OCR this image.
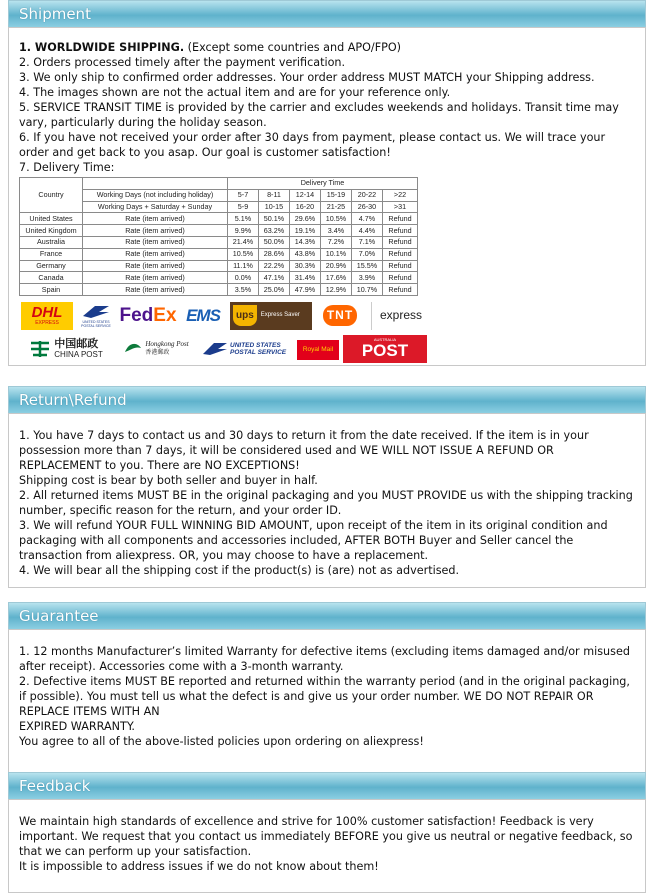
Shipment

1. WORLDWIDE SHIPPING. (Except some countries and APO/FPO)

2. Orders processed timely after the payment verification.

3. We only ship to confirmed order addresses. Your order address MUST MATCH your Shipping address.

4. The images shown are not the actual item and are for your reference only.

5. SERVICE TRANSIT TIME is provided by the carrier and excludes weekends and holidays. Transit time may vary, particularly during the holiday season.

6. If you have not received your order after 30 days from payment, please contact us. We will trace your order and get back to you asap. Our goal is customer satisfaction!

7. Delivery Time:

Country		Delivery Time					
	Working Days (not including holiday)	5-7	8-11	12-14	15-19	20-22	>22
	Working Days + Saturday + Sunday	5-9	10-15	16-20	21-25	26-30	>31
United States	Rate (item arrived)	5.1%	50.1%	29.6%	10.5%	4.7%	Refund
United Kingdom	Rate (item arrived)	9.9%	63.2%	19.1%	3.4%	4.4%	Refund
Australia	Rate (item arrived)	21.4%	50.0%	14.3%	7.2%	7.1%	Refund
France	Rate (item arrived)	10.5%	28.6%	43.8%	10.1%	7.0%	Refund
Germany	Rate (item arrived)	11.1%	22.2%	30.3%	20.9%	15.5%	Refund
Canada	Rate (item arrived)	0.0%	47.1%	31.4%	17.6%	3.9%	Refund
Spain	Rate (item arrived)	3.5%	25.0%	47.9%	12.9%	10.7%	Refund
DHL
EXPRESS	UNITED STATES POSTAL SERVICE Fed Ex EMS	ups	Express Saver	TNT	express
中国邮政
CHINA POST
Hongkong Post
香港郵政
UNITED STATES POSTAL SERVICE	Royal Mail
AUSTRALIA
POST
Return\Refund

1. You have 7 days to contact us and 30 days to return it from the date received. If the item is in your possession more than 7 days, it will be considered used and WE WILL NOT ISSUE A REFUND OR REPLACEMENT to you. There are NO EXCEPTIONS!

Shipping cost is bear by both seller and buyer in half.

2. All returned items MUST BE in the original packaging and you MUST PROVIDE us with the shipping tracking number, specific reason for the return, and your order ID.

3. We will refund YOUR FULL WINNING BID AMOUNT, upon receipt of the item in its original condition and packaging with all components and accessories included, AFTER BOTH Buyer and Seller cancel the transaction from aliexpress. OR, you may choose to have a replacement.

4. We will bear all the shipping cost if the product(s) is (are) not as advertised.

Guarantee

1. 12 months Manufacturer’s limited Warranty for defective items (excluding items damaged and/or misused after receipt). Accessories come with a 3-month warranty.

2. Defective items MUST BE reported and returned within the warranty period (and in the original packaging, if possible). You must tell us what the defect is and give us your order number. WE DO NOT REPAIR OR REPLACE ITEMS WITH AN

EXPIRED WARRANTY.

You agree to all of the above-listed policies upon ordering on aliexpress!

Feedback

We maintain high standards of excellence and strive for 100% customer satisfaction! Feedback is very important. We request that you contact us immediately BEFORE you give us neutral or negative feedback, so that we can perform up your satisfaction.

It is impossible to address issues if we do not know about them!
